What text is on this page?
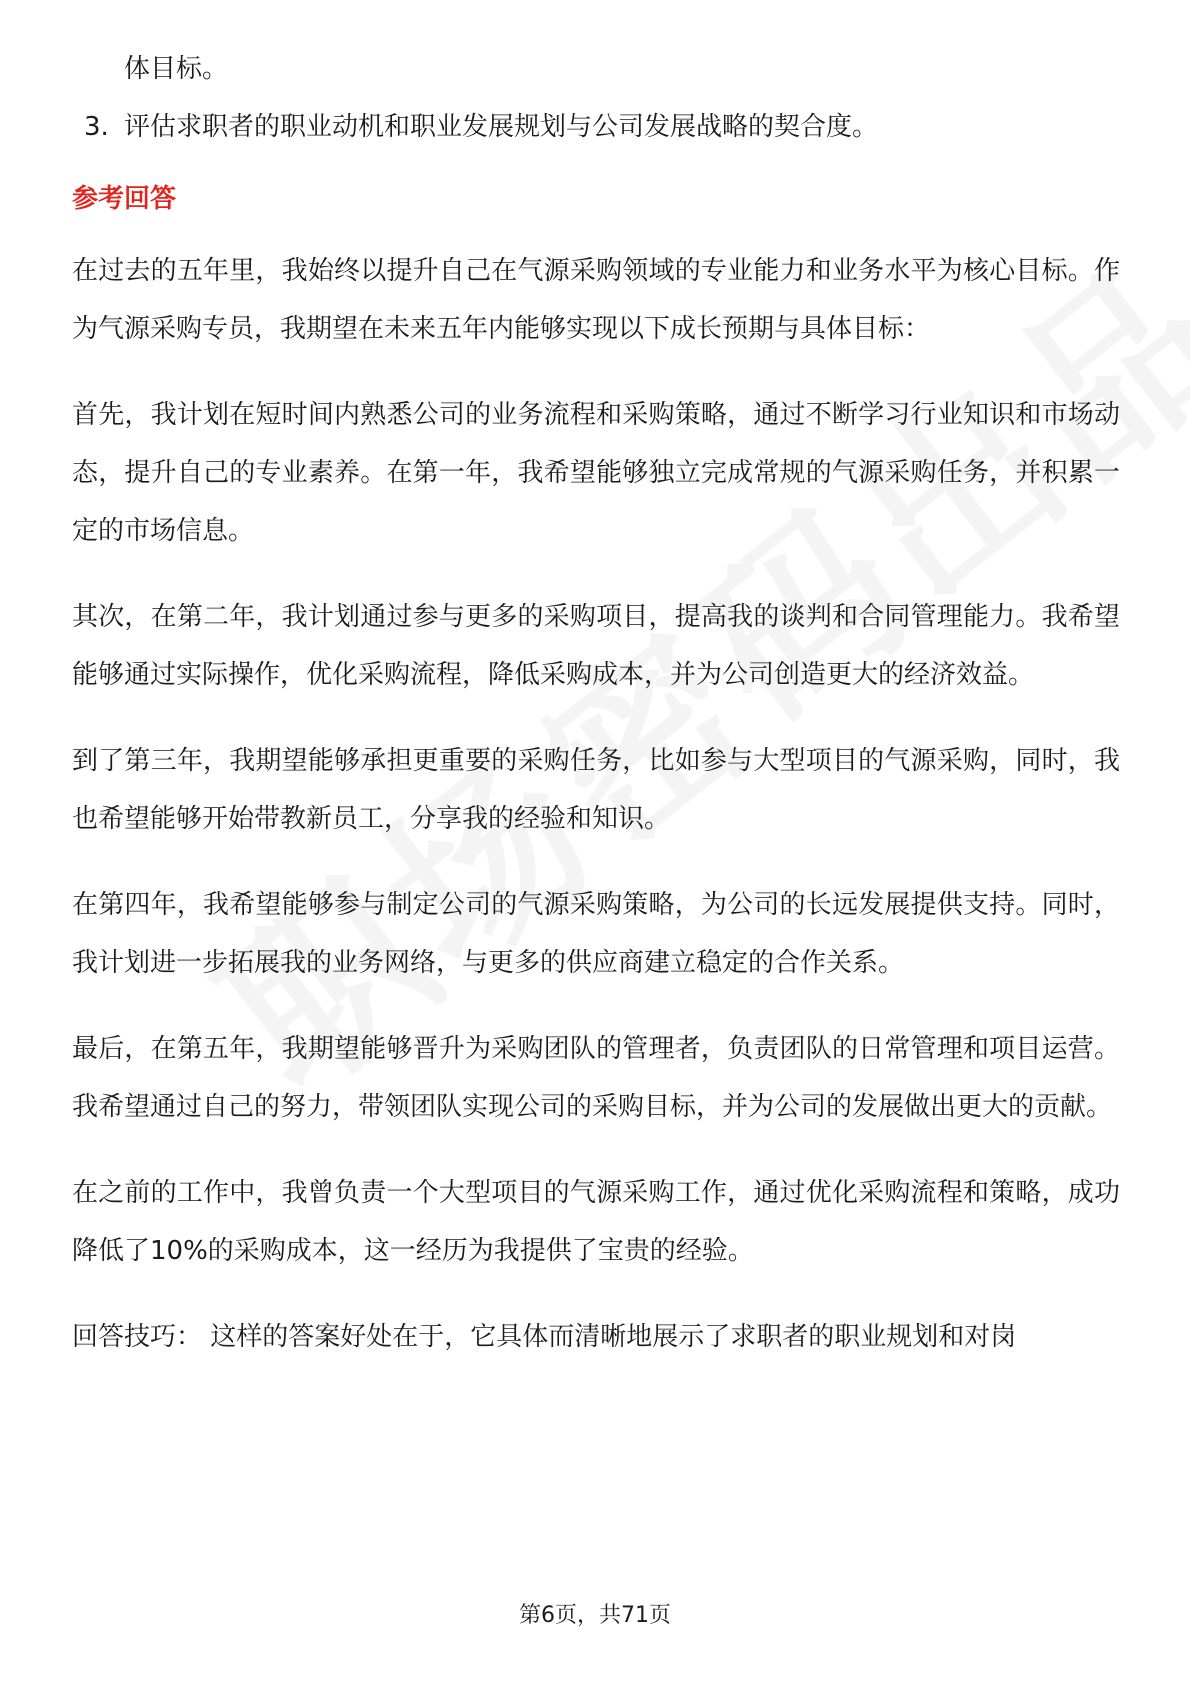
体目标。

3. 评估求职者的职业动机和职业发展规划与公司发展战略的契合度。
参考回答

在过去的五年里，我始终以提升自己在气源采购领域的专业能力和业务水平为核心目标。作为气源采购专员，我期望在未来五年内能够实现以下成长预期与具体目标：

首先，我计划在短时间内熟悉公司的业务流程和采购策略，通过不断学习行业知识和市场动态，提升自己的专业素养。在第一年，我希望能够独立完成常规的气源采购任务，并积累一定的市场信息。

其次，在第二年，我计划通过参与更多的采购项目，提高我的谈判和合同管理能力。我希望能够通过实际操作，优化采购流程，降低采购成本，并为公司创造更大的经济效益。

到了第三年，我期望能够承担更重要的采购任务，比如参与大型项目的气源采购，同时，我也希望能够开始带教新员工，分享我的经验和知识。

在第四年，我希望能够参与制定公司的气源采购策略，为公司的长远发展提供支持。同时，我计划进一步拓展我的业务网络，与更多的供应商建立稳定的合作关系。

最后，在第五年，我期望能够晋升为采购团队的管理者，负责团队的日常管理和项目运营。我希望通过自己的努力，带领团队实现公司的采购目标，并为公司的发展做出更大的贡献。

在之前的工作中，我曾负责一个大型项目的气源采购工作，通过优化采购流程和策略，成功降低了10%的采购成本，这一经历为我提供了宝贵的经验。

回答技巧： 这样的答案好处在于，它具体而清晰地展示了求职者的职业规划和对岗

第6页，共71页
